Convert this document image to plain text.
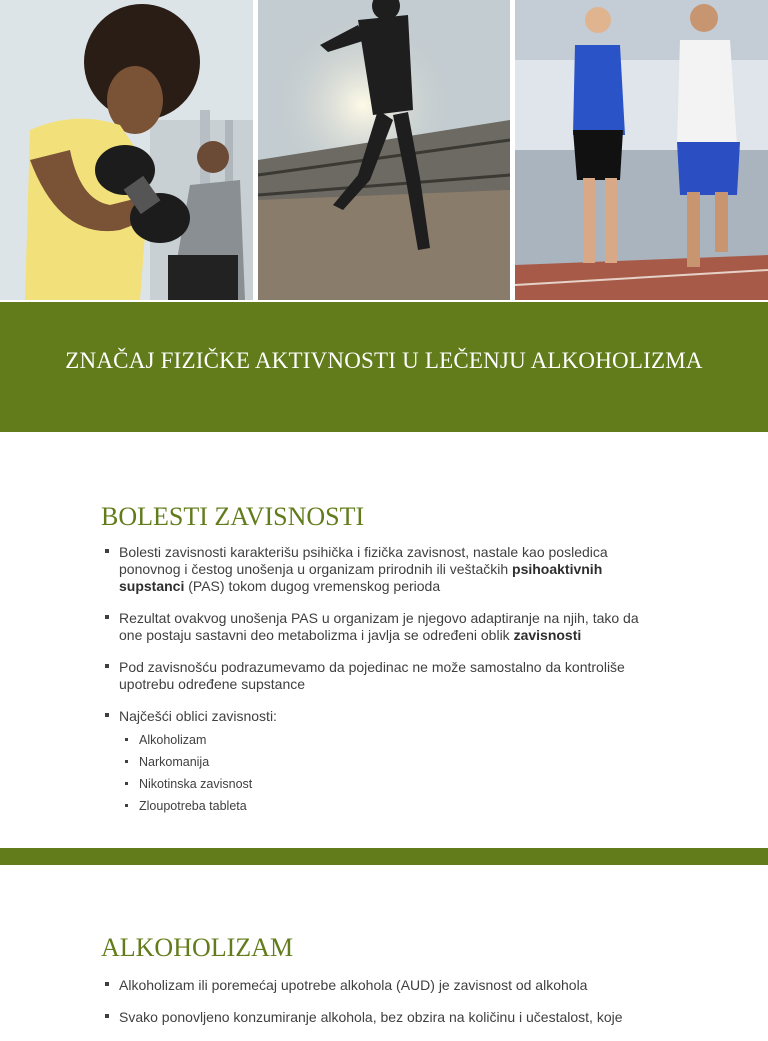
ZNAČAJ FIZIČKE AKTIVNOSTI U LEČENJU ALKOHOLIZMA
BOLESTI ZAVISNOSTI
Bolesti zavisnosti karakterišu psihička i fizička zavisnost, nastale kao posledica ponovnog i čestog unošenja u organizam prirodnih ili veštačkih psihoaktivnih supstanci (PAS) tokom dugog vremenskog perioda
Rezultat ovakvog unošenja PAS u organizam je njegovo adaptiranje na njih, tako da one postaju sastavni deo metabolizma i javlja se određeni oblik zavisnosti
Pod zavisnošću podrazumevamo da pojedinac ne može samostalno da kontroliše upotrebu određene supstance
Najčešći oblici zavisnosti:
Alkoholizam
Narkomanija
Nikotinska zavisnost
Zloupotreba tableta
ALKOHOLIZAM
Alkoholizam ili poremećaj upotrebe alkohola (AUD) je zavisnost od alkohola
Svako ponovljeno konzumiranje alkohola, bez obzira na količinu i učestalost, koje
